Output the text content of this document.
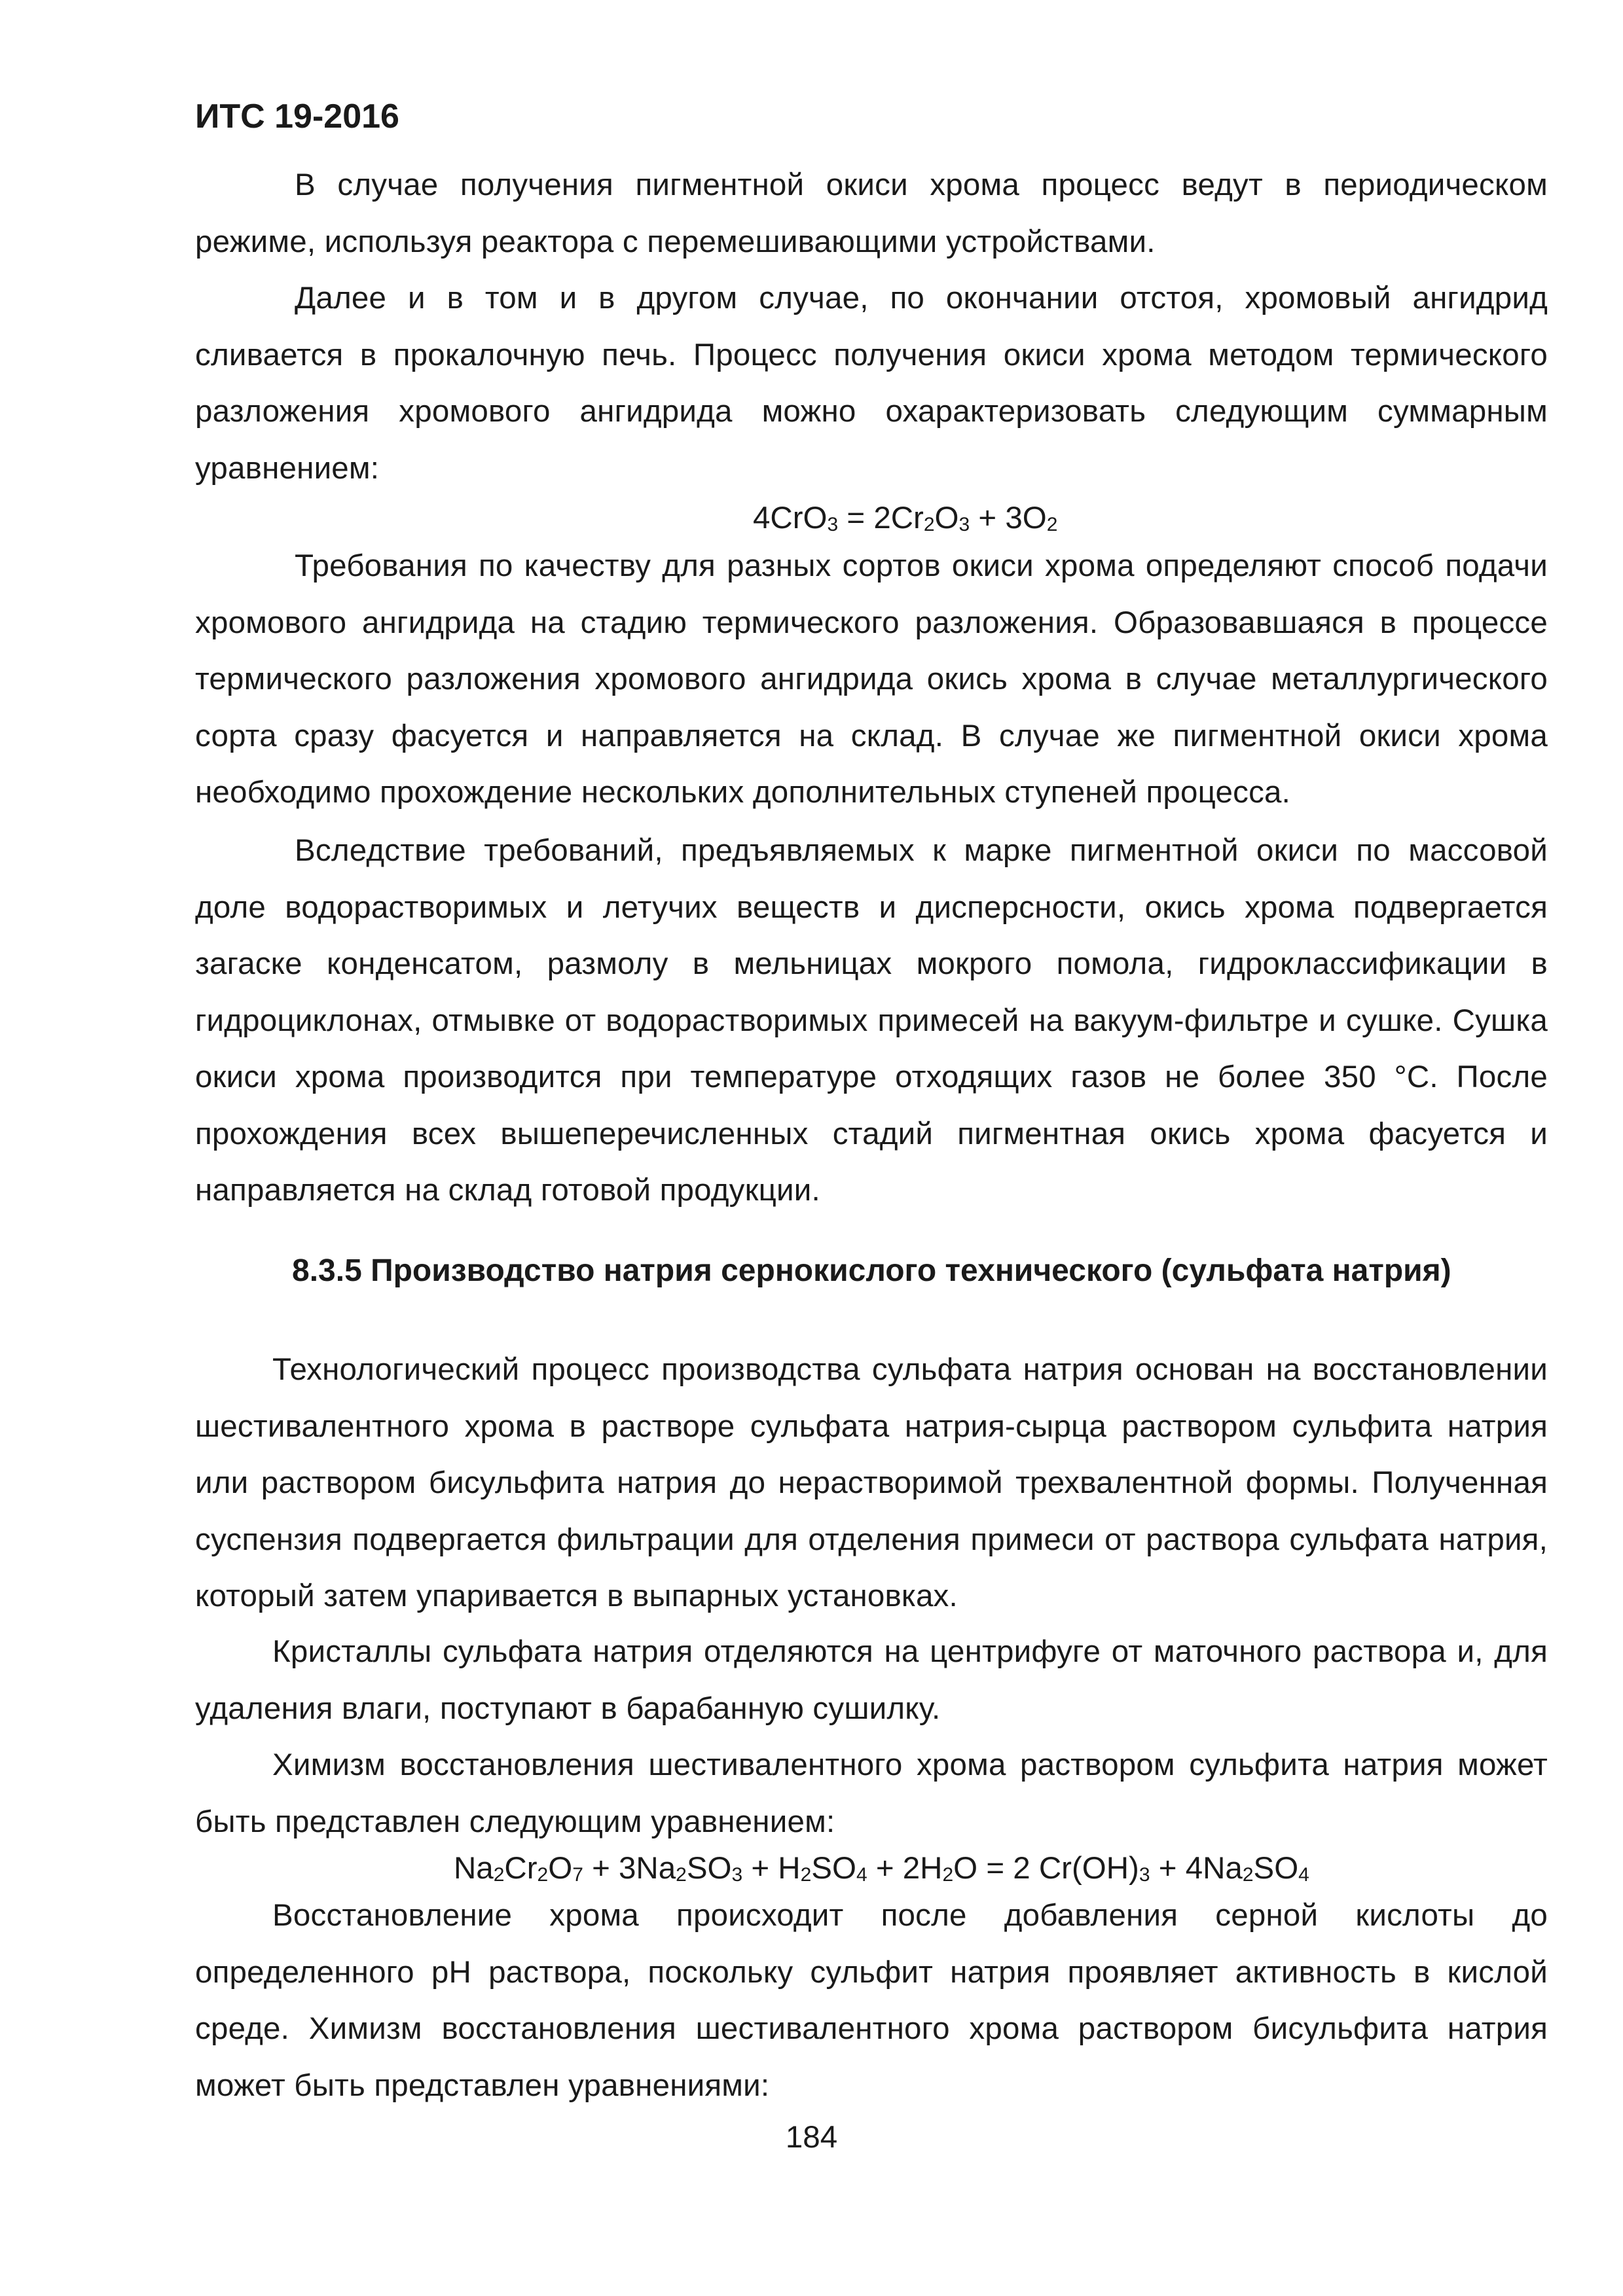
ИТС 19-2016

В случае получения пигментной окиси хрома процесс ведут в периодическом режиме, используя реактора с перемешивающими устройствами.

Далее и в том и в другом случае, по окончании отстоя, хромовый ангидрид сливается в прокалочную печь. Процесс получения окиси хрома методом термического разложения хромового ангидрида можно охарактеризовать следующим суммарным уравнением:

$4CrO_3 = 2Cr_2O_3 + 3O_2$

Требования по качеству для разных сортов окиси хрома определяют способ подачи хромового ангидрида на стадию термического разложения. Образовавшаяся в процессе термического разложения хромового ангидрида окись хрома в случае металлургического сорта сразу фасуется и направляется на склад. В случае же пигментной окиси хрома необходимо прохождение нескольких дополнительных ступеней процесса.

Вследствие требований, предъявляемых к марке пигментной окиси по массовой доле водорастворимых и летучих веществ и дисперсности, окись хрома подвергается загаске конденсатом, размолу в мельницах мокрого помола, гидроклассификации в гидроциклонах, отмывке от водорастворимых примесей на вакуум-фильтре и сушке. Сушка окиси хрома производится при температуре отходящих газов не более 350 °С. После прохождения всех вышеперечисленных стадий пигментная окись хрома фасуется и направляется на склад готовой продукции.

8.3.5 Производство натрия сернокислого технического (сульфата натрия)

Технологический процесс производства сульфата натрия основан на восстановлении шестивалентного хрома в растворе сульфата натрия-сырца раствором сульфита натрия или раствором бисульфита натрия до нерастворимой трехвалентной формы. Полученная суспензия подвергается фильтрации для отделения примеси от раствора сульфата натрия, который затем упаривается в выпарных установках.

Кристаллы сульфата натрия отделяются на центрифуге от маточного раствора и, для удаления влаги, поступают в барабанную сушилку.

Химизм восстановления шестивалентного хрома раствором сульфита натрия может быть представлен следующим уравнением:

$Na_2Cr_2O_7 + 3Na_2SO_3 + H_2SO_4 + 2H_2O = 2$ $Cr(OH)_3 + 4Na_2SO_4$

Восстановление хрома происходит после добавления серной кислоты до определенного pH раствора, поскольку сульфит натрия проявляет активность в кислой среде. Химизм восстановления шестивалентного хрома раствором бисульфита натрия может быть представлен уравнениями:

184
